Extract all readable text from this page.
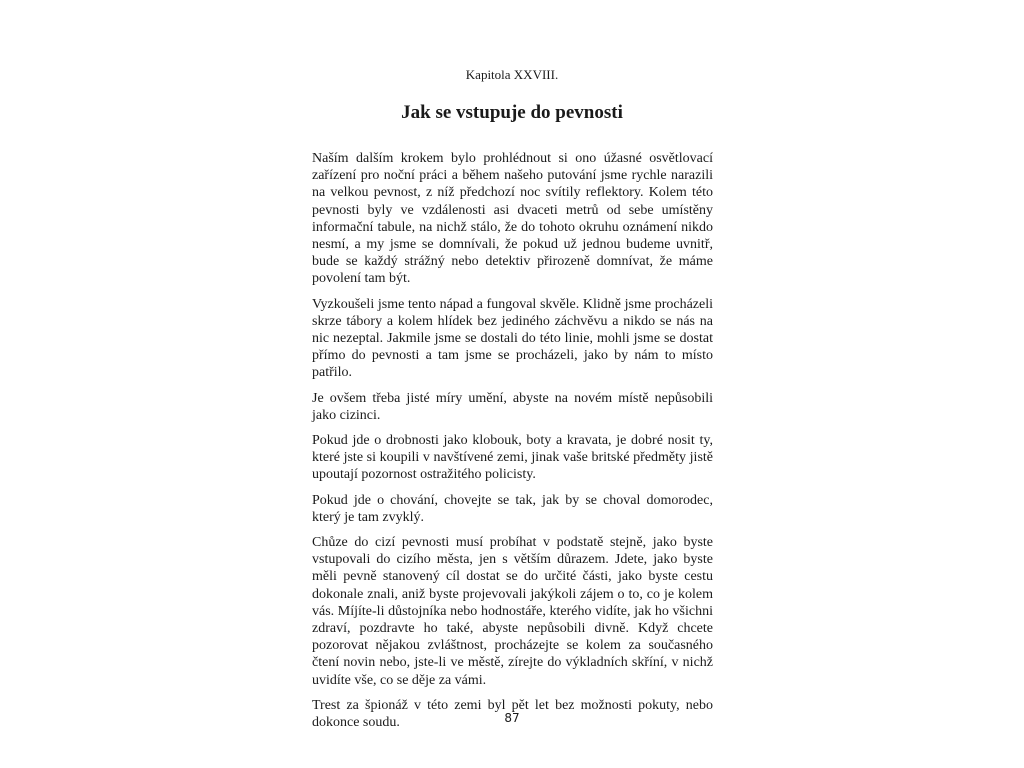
Kapitola XXVIII.
Jak se vstupuje do pevnosti

Naším dalším krokem bylo prohlédnout si ono úžasné osvětlovací zařízení pro noční práci a během našeho putování jsme rychle narazili na velkou pevnost, z níž předchozí noc svítily reflektory. Kolem této pevnosti byly ve vzdálenosti asi dvaceti metrů od sebe umístěny informační tabule, na nichž stálo, že do tohoto okruhu oznámení nikdo nesmí, a my jsme se domnívali, že pokud už jednou budeme uvnitř, bude se každý strážný nebo detektiv přirozeně domnívat, že máme povolení tam být.

Vyzkoušeli jsme tento nápad a fungoval skvěle. Klidně jsme procházeli skrze tábory a kolem hlídek bez jediného záchvěvu a nikdo se nás na nic nezeptal. Jakmile jsme se dostali do této linie, mohli jsme se dostat přímo do pevnosti a tam jsme se procházeli, jako by nám to místo patřilo.

Je ovšem třeba jisté míry umění, abyste na novém místě nepůsobili jako cizinci.

Pokud jde o drobnosti jako klobouk, boty a kravata, je dobré nosit ty, které jste si koupili v navštívené zemi, jinak vaše britské předměty jistě upoutají pozornost ostražitého policisty.

Pokud jde o chování, chovejte se tak, jak by se choval domorodec, který je tam zvyklý.

Chůze do cizí pevnosti musí probíhat v podstatě stejně, jako byste vstupovali do cizího města, jen s větším důrazem. Jdete, jako byste měli pevně stanovený cíl dostat se do určité části, jako byste cestu dokonale znali, aniž byste projevovali jakýkoli zájem o to, co je kolem vás. Míjíte-li důstojníka nebo hodnostáře, kterého vidíte, jak ho všichni zdraví, pozdravte ho také, abyste nepůsobili divně. Když chcete pozorovat nějakou zvláštnost, procházejte se kolem za současného čtení novin nebo, jste-li ve městě, zírejte do výkladních skříní, v nichž uvidíte vše, co se děje za vámi.

Trest za špionáž v této zemi byl pět let bez možnosti pokuty, nebo dokonce soudu.	87
